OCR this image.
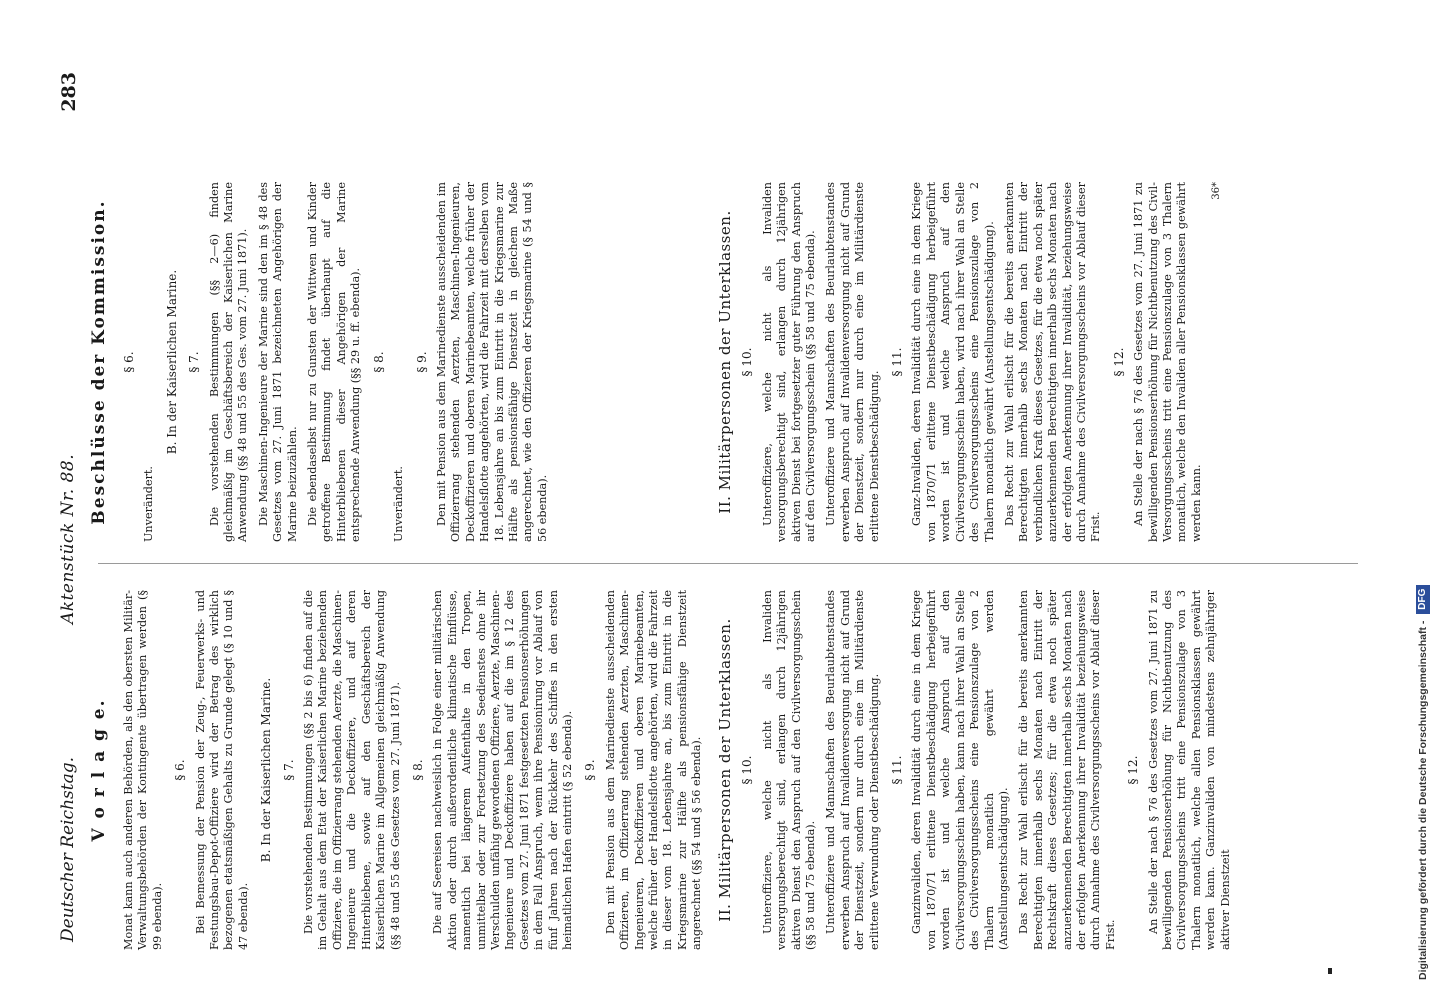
Deutscher Reichstag.
Aktenstück Nr. 88.
283
V o r l a g e. Monat kann auch anderen Behörden, als den obersten Militär-Verwaltungsbehörden der Kontingente übertragen werden (§ 99 ebenda).

§ 6. Bei Bemessung der Pension der Zeug-, Feuerwerks- und Festungsbau-Depot-Offiziere wird der Betrag des wirklich bezogenen etatsmäßigen Gehalts zu Grunde gelegt (§ 10 und § 47 ebenda).

B. In der Kaiserlichen Marine. § 7. Die vorstehenden Bestimmungen (§§ 2 bis 6) finden auf die im Gehalt aus dem Etat der Kaiserlichen Marine beziehenden Offiziere, die im Offizierrang stehenden Aerzte, die Maschinen-Ingenieure und die Deckoffiziere, und auf deren Hinterbliebene, sowie auf den Geschäftsbereich der Kaiserlichen Marine im Allgemeinen gleichmäßig Anwendung (§§ 48 und 55 des Gesetzes vom 27. Juni 1871). § 8. Die auf Seereisen nachweislich in Folge einer militärischen Aktion oder durch außerordentliche klimatische Einflüsse, namentlich bei längerem Aufenthalte in den Tropen, unmittelbar oder zur Fortsetzung des Seedienstes ohne ihr Verschulden unfähig gewordenen Offiziere, Aerzte, Maschinen-Ingenieure und Deckoffiziere haben auf die im § 12 des Gesetzes vom 27. Juni 1871 festgesetzten Pensionserhöhungen in dem Fall Anspruch, wenn ihre Pensionirung vor Ablauf von fünf Jahren nach der Rückkehr des Schiffes in den ersten heimatlichen Hafen eintritt (§ 52 ebenda). § 9. Den mit Pension aus dem Marinedienste ausscheidenden Offizieren, im Offizierrang stehenden Aerzten, Maschinen-Ingenieuren, Deckoffizieren und oberen Marinebeamten, welche früher der Handelsflotte angehörten, wird die Fahrzeit in dieser vom 18. Lebensjahre an, bis zum Eintritt in die Kriegsmarine zur Hälfte als pensionsfähige Dienstzeit angerechnet (§§ 54 und § 56 ebenda).

Beschlüsse der Kommission. § 6.

Unverändert.

B. In der Kaiserlichen Marine. § 7. Die vorstehenden Bestimmungen (§§ 2—6) finden gleichmäßig im Geschäftsbereich der Kaiserlichen Marine Anwendung (§§ 48 und 55 des Ges. vom 27. Juni 1871). Die Maschinen-Ingenieure der Marine sind den im § 48 des Gesetzes vom 27. Juni 1871 bezeichneten Angehörigen der Marine beizuzählen. Die ebendaselbst nur zu Gunsten der Wittwen und Kinder getroffene Bestimmung findet überhaupt auf die Hinterbliebenen dieser Angehörigen der Marine entsprechende Anwendung (§§ 29 u. ff. ebenda). § 8.

Unverändert.

§ 9. Den mit Pension aus dem Marinedienste ausscheidenden im Offizierrang stehenden Aerzten, Maschinen-Ingenieuren, Deckoffizieren und oberen Marinebeamten, welche früher der Handelsflotte angehörten, wird die Fahrzeit mit derselben vom 18. Lebensjahre an bis zum Eintritt in die Kriegsmarine zur Hälfte als pensionsfähige Dienstzeit in gleichem Maße angerechnet, wie den Offizieren der Kriegsmarine (§ 54 und § 56 ebenda).

II. Militärpersonen der Unterklassen. § 10. Unteroffiziere, welche nicht als Invaliden versorgungsberechtigt sind, erlangen durch 12jährigen aktiven Dienst den Anspruch auf den Civilversorgungsschein (§§ 58 und 75 ebenda). Unteroffiziere und Mannschaften des Beurlaubtenstandes erwerben Anspruch auf Invalidenversorgung nicht auf Grund der Dienstzeit, sondern nur durch eine im Militärdienste erlittene Verwundung oder Dienstbeschädigung. § 11. Ganzinvaliden, deren Invalidität durch eine in dem Kriege von 1870/71 erlittene Dienstbeschädigung herbeigeführt worden ist und welche Anspruch auf den Civilversorgungsschein haben, kann nach ihrer Wahl an Stelle des Civilversorgungsscheins eine Pensionszulage von 2 Thalern monatlich gewährt werden (Anstellungsentschädigung). Das Recht zur Wahl erlischt für die bereits anerkannten Berechtigten innerhalb sechs Monaten nach Eintritt der Rechtskraft dieses Gesetzes; für die etwa noch später anzuerkennenden Berechtigten innerhalb sechs Monaten nach der erfolgten Anerkennung ihrer Invalidität beziehungsweise durch Annahme des Civilversorgungsscheins vor Ablauf dieser Frist.

§ 12. An Stelle der nach § 76 des Gesetzes vom 27. Juni 1871 zu bewilligenden Pensionserhöhung für Nichtbenutzung des Civilversorgungsscheins tritt eine Pensionszulage von 3 Thalern monatlich, welche allen Pensionsklassen gewährt werden kann. Ganzinvaliden von mindestens zehnjähriger aktiver Dienstzeit

II. Militärpersonen der Unterklassen. § 10. Unteroffiziere, welche nicht als Invaliden versorgungsberechtigt sind, erlangen durch 12jährigen aktiven Dienst bei fortgesetzter guter Führung den Anspruch auf den Civilversorgungsschein (§§ 58 und 75 ebenda). Unteroffiziere und Mannschaften des Beurlaubtenstandes erwerben Anspruch auf Invalidenversorgung nicht auf Grund der Dienstzeit, sondern nur durch eine im Militärdienste erlittene Dienstbeschädigung.

§ 11. Ganz-Invaliden, deren Invalidität durch eine in dem Kriege von 1870/71 erlittene Dienstbeschädigung herbeigeführt worden ist und welche Anspruch auf den Civilversorgungsschein haben, wird nach ihrer Wahl an Stelle des Civilversorgungsscheins eine Pensionszulage von 2 Thalern monatlich gewährt (Anstellungsentschädigung). Das Recht zur Wahl erlischt für die bereits anerkannten Berechtigten innerhalb sechs Monaten nach Eintritt der verbindlichen Kraft dieses Gesetzes, für die etwa noch später anzuerkennenden Berechtigten innerhalb sechs Monaten nach der erfolgten Anerkennung ihrer Invalidität, beziehungsweise durch Annahme des Civilversorgungsscheins vor Ablauf dieser Frist.

§ 12. An Stelle der nach § 76 des Gesetzes vom 27. Juni 1871 zu bewilligenden Pensionserhöhung für Nichtbenutzung des Civil-Versorgungsscheins tritt eine Pensionszulage von 3 Thalern monatlich, welche den Invaliden aller Pensionsklassen gewährt werden kann.

36*
Digitalisierung gefördert durch die Deutsche Forschungsgemeinschaft - DFG
